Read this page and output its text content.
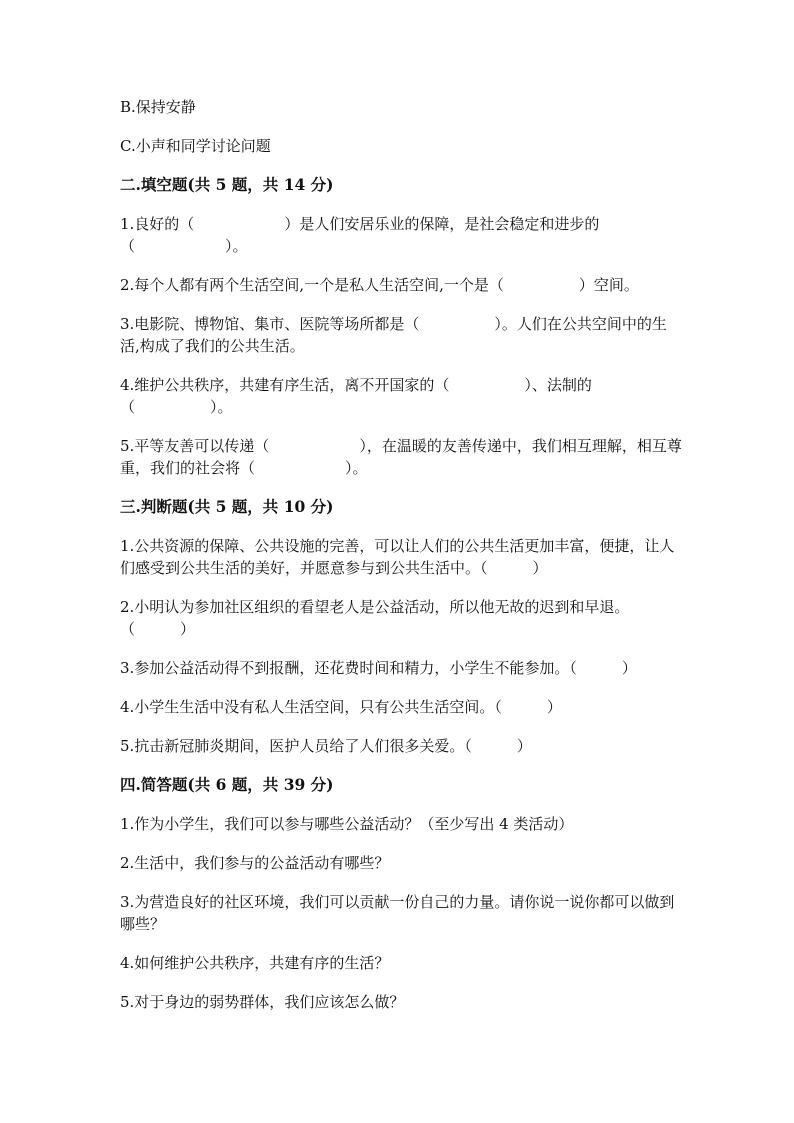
B.保持安静
C.小声和同学讨论问题
二.填空题(共 5 题，共 14 分)
1.良好的（　　　　　　）是人们安居乐业的保障，是社会稳定和进步的（　　　　　　）。
2.每个人都有两个生活空间,一个是私人生活空间,一个是（　　　　　）空间。
3.电影院、博物馆、集市、医院等场所都是（　　　　　）。人们在公共空间中的生活,构成了我们的公共生活。
4.维护公共秩序，共建有序生活，离不开国家的（　　　　　）、法制的（　　　　　）。
5.平等友善可以传递（　　　　　　），在温暖的友善传递中，我们相互理解，相互尊重，我们的社会将（　　　　　　）。
三.判断题(共 5 题，共 10 分)
1.公共资源的保障、公共设施的完善，可以让人们的公共生活更加丰富，便捷，让人们感受到公共生活的美好，并愿意参与到公共生活中。（　　　）
2.小明认为参加社区组织的看望老人是公益活动，所以他无故的迟到和早退。（　　　）
3.参加公益活动得不到报酬，还花费时间和精力，小学生不能参加。（　　　）
4.小学生生活中没有私人生活空间，只有公共生活空间。（　　　）
5.抗击新冠肺炎期间，医护人员给了人们很多关爱。（　　　）
四.简答题(共 6 题，共 39 分)
1.作为小学生，我们可以参与哪些公益活动？（至少写出 4 类活动）
2.生活中，我们参与的公益活动有哪些？
3.为营造良好的社区环境，我们可以贡献一份自己的力量。请你说一说你都可以做到哪些？
4.如何维护公共秩序，共建有序的生活？
5.对于身边的弱势群体，我们应该怎么做？
